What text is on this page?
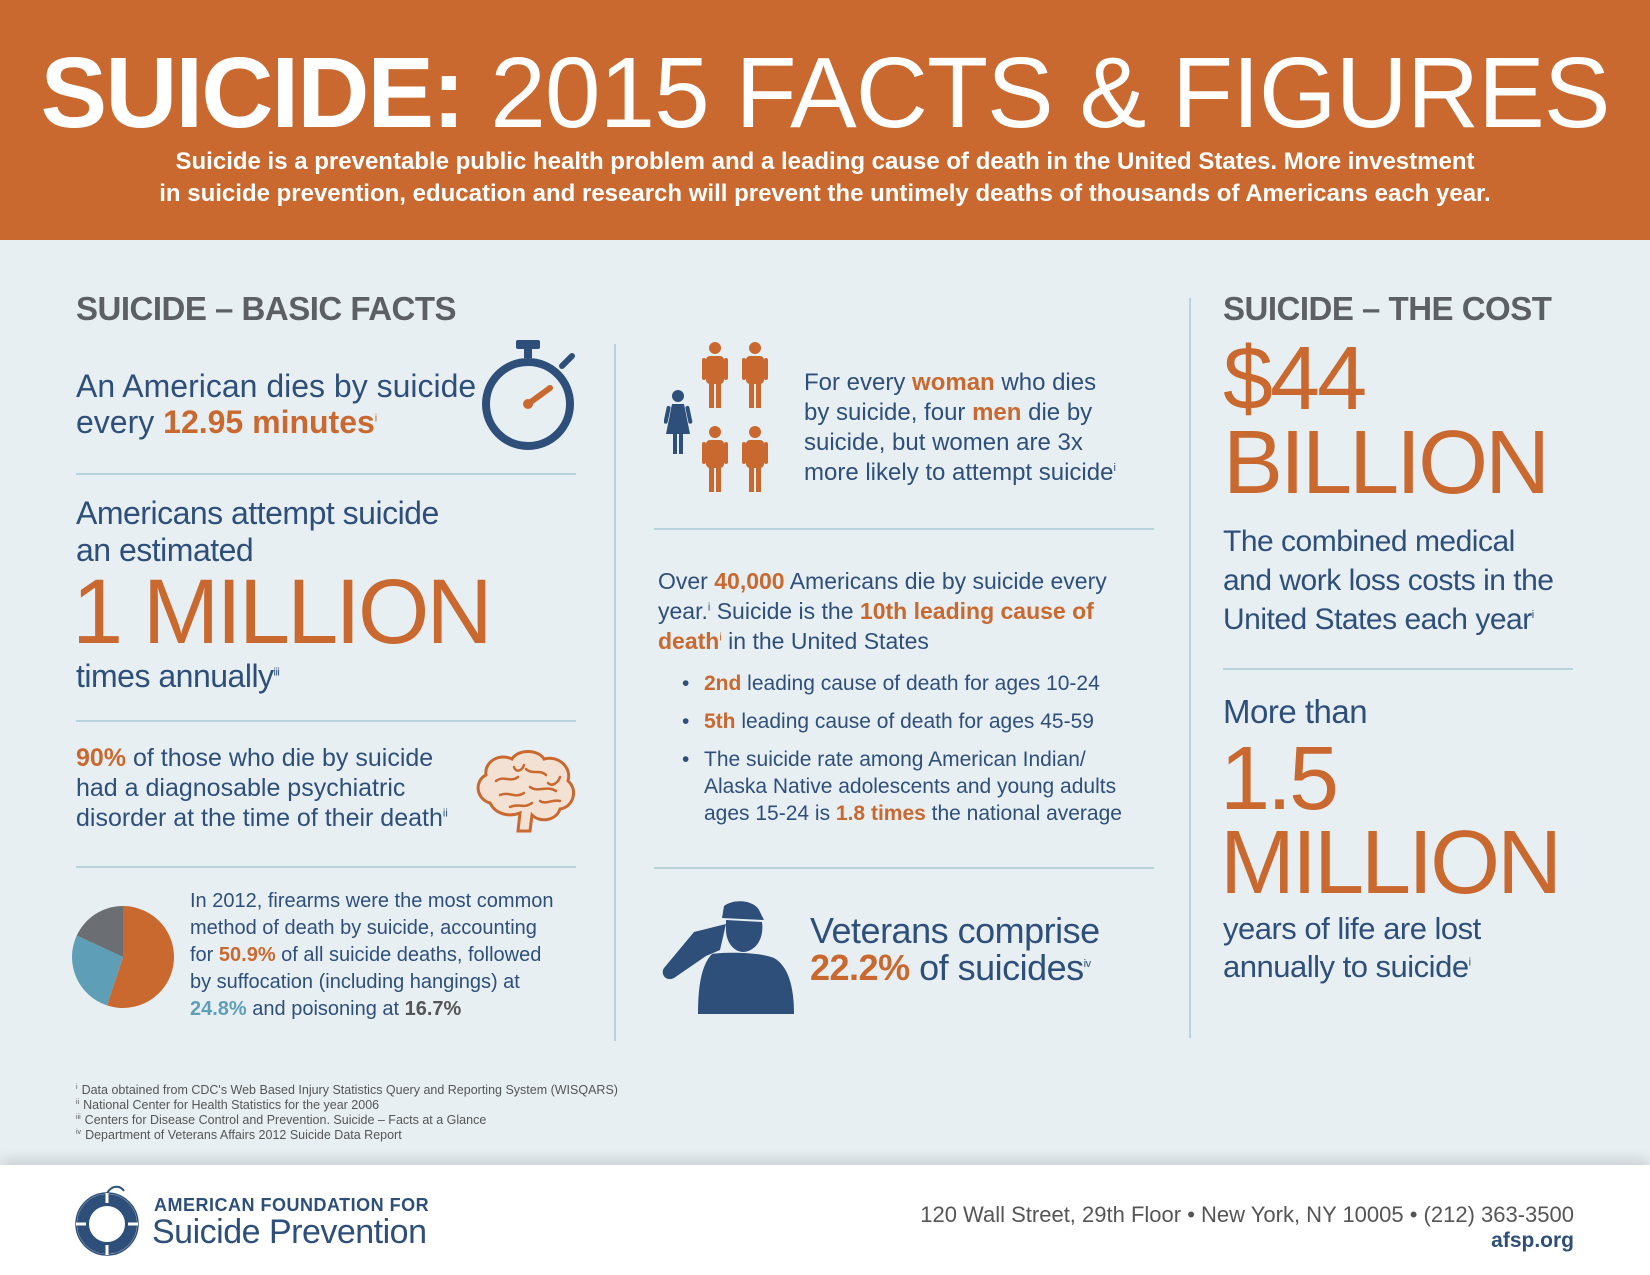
SUICIDE: 2015 FACTS & FIGURES
Suicide is a preventable public health problem and a leading cause of death in the United States. More investment
in suicide prevention, education and research will prevent the untimely deaths of thousands of Americans each year.
SUICIDE – BASIC FACTS
An American dies by suicide
every 12.95 minutes$^i$
Americans attempt suicide
an estimated
1 MILLION
times annually$^{iii}$
90% of those who die by suicide
had a diagnosable psychiatric
disorder at the time of their death$^{ii}$
In 2012, firearms were the most common
method of death by suicide, accounting
for 50.9% of all suicide deaths, followed
by suffocation (including hangings) at
24.8% and poisoning at 16.7%
For every woman who dies
by suicide, four men die by
suicide, but women are 3x
more likely to attempt suicide$^i$
Over 40,000 Americans die by suicide every
year.$^i$ Suicide is the 10th leading cause of
death$^i$ in the United States
• 2nd leading cause of death for ages 10-24
• 5th leading cause of death for ages 45-59
• The suicide rate among American Indian/
Alaska Native adolescents and young adults
ages 15-24 is 1.8 times the national average
Veterans comprise
22.2% of suicides$^{iv}$
SUICIDE – THE COST
$44
BILLION
The combined medical
and work loss costs in the
United States each year$^i$
More than
1.5
MILLION
years of life are lost
annually to suicide$^i$
$^i$ Data obtained from CDC's Web Based Injury Statistics Query and Reporting System (WISQARS)
$^{ii}$ National Center for Health Statistics for the year 2006
$^{iii}$ Centers for Disease Control and Prevention. Suicide – Facts at a Glance
$^{iv}$ Department of Veterans Affairs 2012 Suicide Data Report
AMERICAN FOUNDATION FOR
Suicide Prevention	120 Wall Street, 29th Floor • New York, NY 10005 • (212) 363-3500
afsp.org
